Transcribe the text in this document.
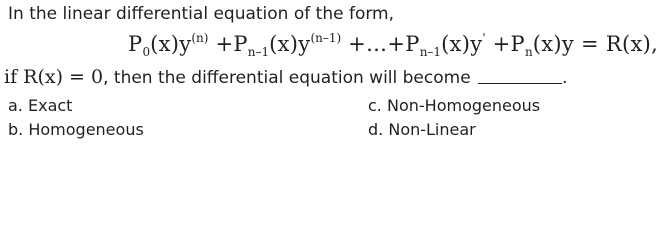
In the linear differential equation of the form,
$P_0(x)y^{(n)} +P_{n-1}(x)y^{(n-1)}$ $+\dots+P_{n-1}(x)y' +P_n(x)y = R(x)$,
if R(x) = 0, then the differential equation will become	.
a. Exact
b. Homogeneous
c. Non-Homogeneous
d. Non-Linear
